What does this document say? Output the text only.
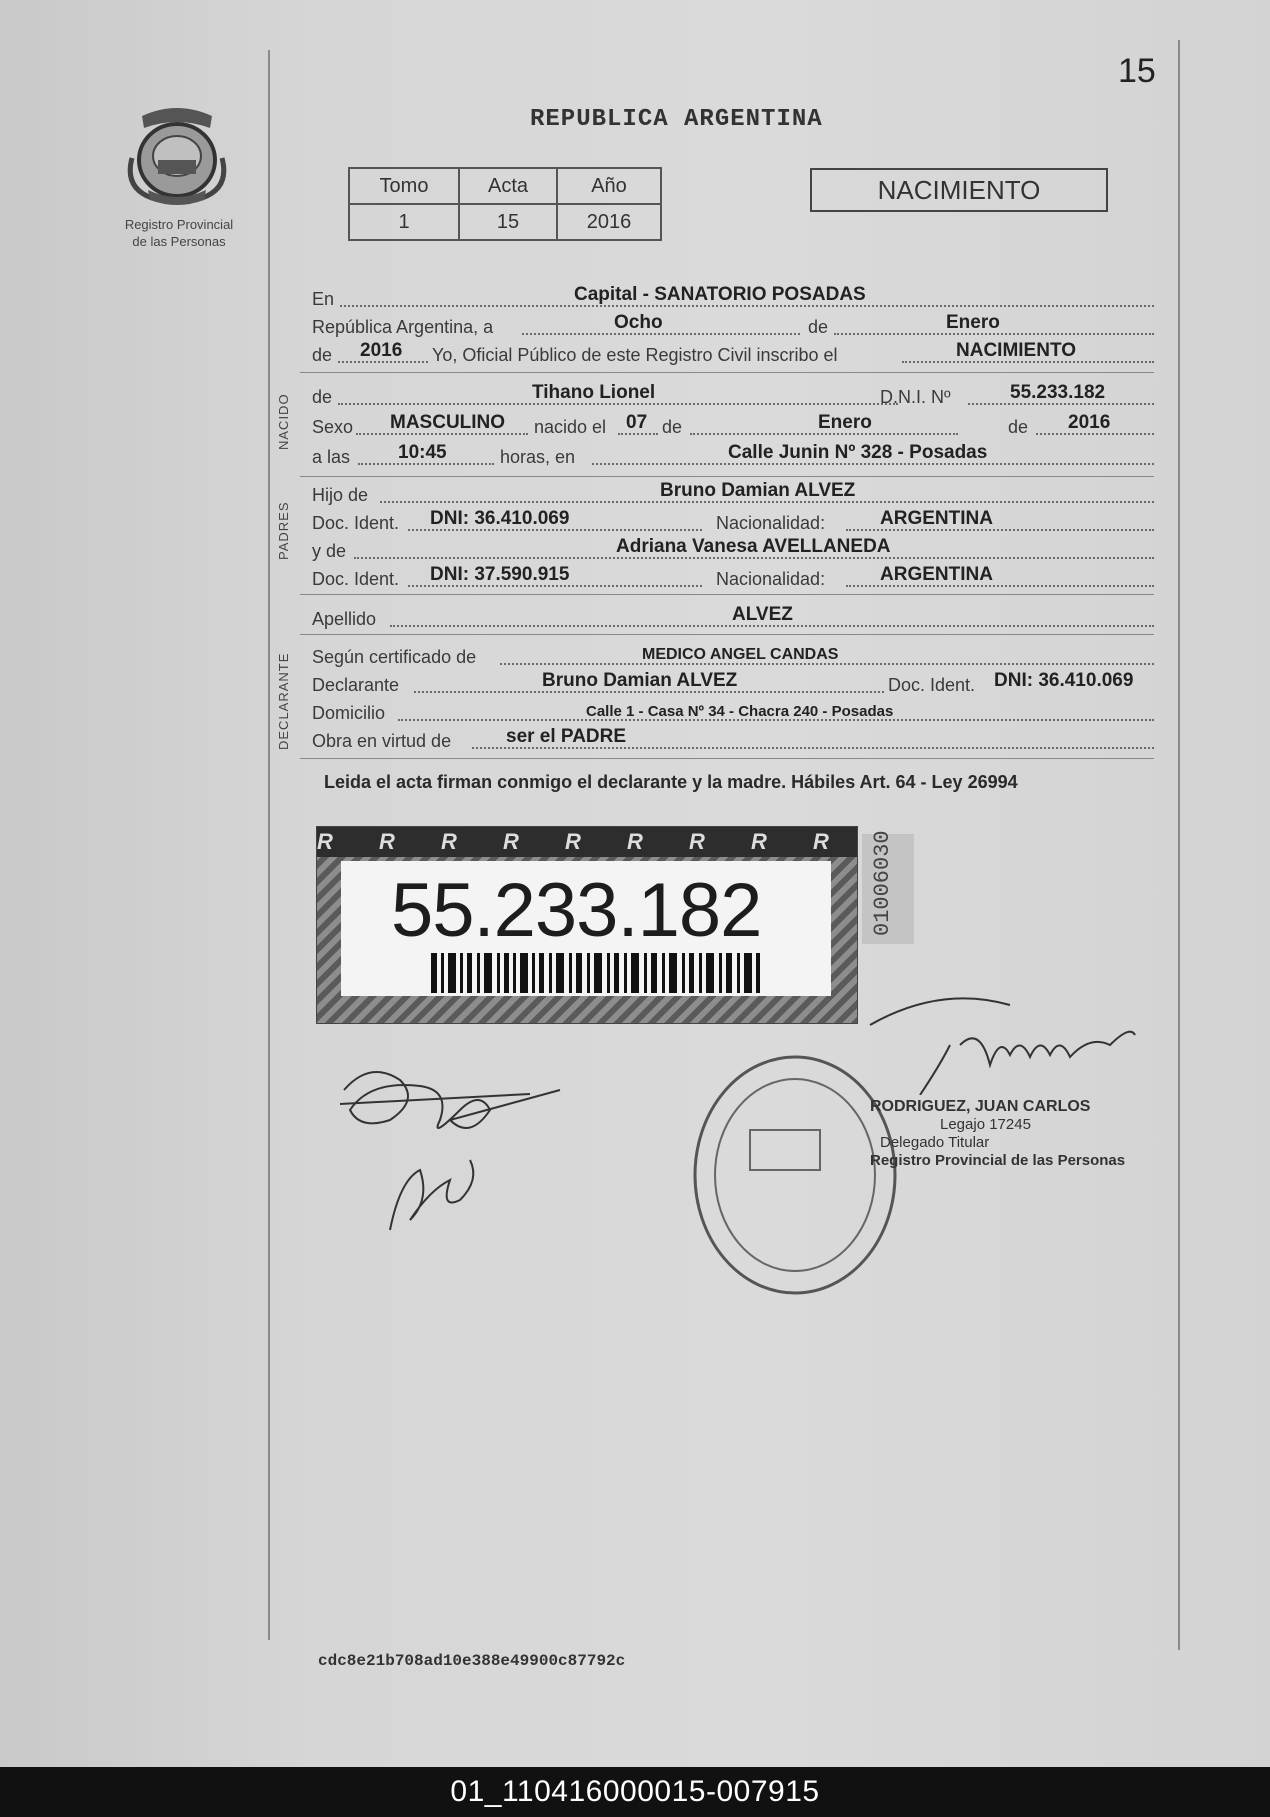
15
Registro Provincial
de las Personas
REPUBLICA ARGENTINA
Tomo	Acta	Año
1	15	2016
NACIMIENTO
En	Capital - SANATORIO POSADAS
República Argentina, a	Ocho	de	Enero
de 2016 Yo, Oficial Público de este Registro Civil inscribo el	NACIMIENTO
NACIDO de	Tihano Lionel	D.N.I. Nº	55.233.182
Sexo MASCULINO nacido el 07 de	Enero	de 2016
a las	10:45	horas, en	Calle Junin Nº 328 - Posadas
PADRES
Hijo de	Bruno Damian ALVEZ
Doc. Ident. DNI: 36.410.069	Nacionalidad:	ARGENTINA
y de	Adriana Vanesa AVELLANEDA
Doc. Ident. DNI: 37.590.915	Nacionalidad:	ARGENTINA
Apellido	ALVEZ
DECLARANTE Según certificado de	MEDICO ANGEL CANDAS
Declarante	Bruno Damian ALVEZ	Doc. Ident. DNI: 36.410.069
Domicilio	Calle 1 - Casa Nº 34 - Chacra 240 - Posadas
Obra en virtud de	ser el PADRE
Leida el acta firman conmigo el declarante y la madre. Hábiles Art. 64 - Ley 26994
R R R R R R R R R
55.233.182	01006030
RODRIGUEZ, JUAN CARLOS
Legajo 17245
Delegado Titular
Registro Provincial de las Personas
cdc8e21b708ad10e388e49900c87792c
01_110416000015-007915
